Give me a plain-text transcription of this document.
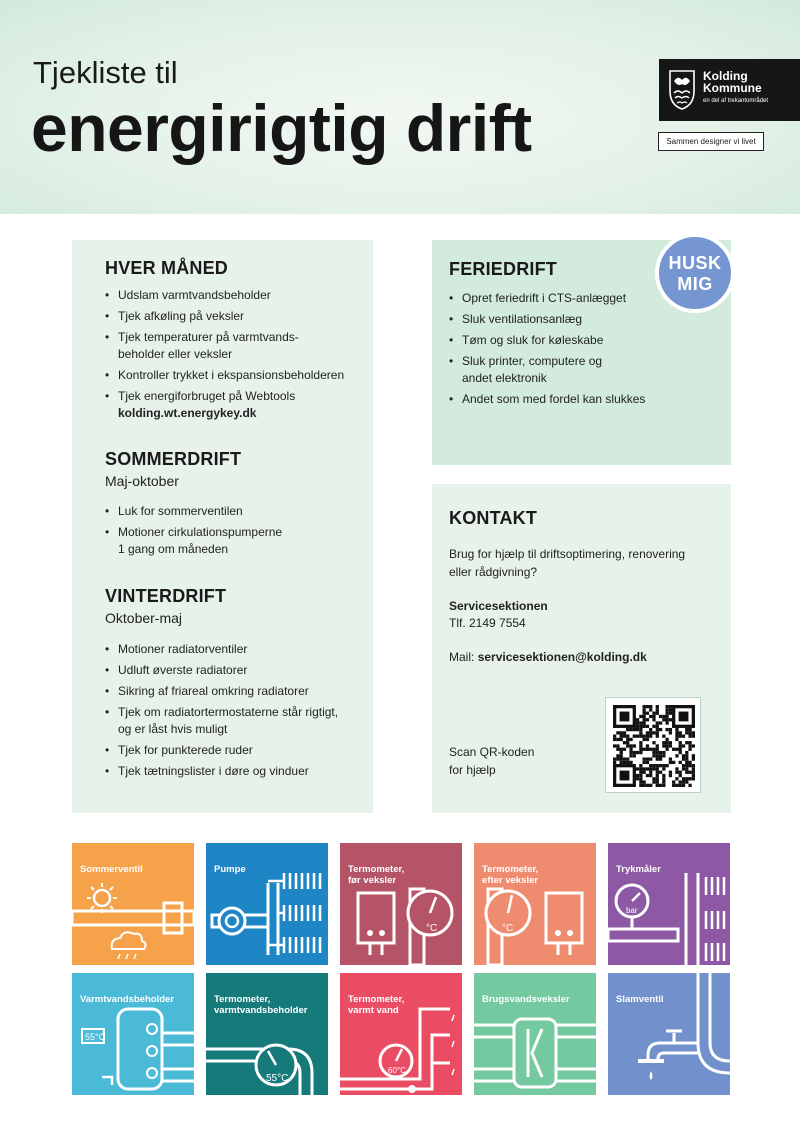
Tjekliste til
energirigtig drift
Kolding
Kommune
en del af trekantområdet
Sammen designer vi livet
HVER MÅNED
• Udslam varmtvandsbeholder
• Tjek afkøling på veksler
• Tjek temperaturer på varmtvands-
beholder eller veksler
• Kontroller trykket i ekspansionsbeholderen
• Tjek energiforbruget på Webtools
kolding.wt.energykey.dk
SOMMERDRIFT
Maj-oktober
• Luk for sommerventilen
• Motioner cirkulationspumperne
1 gang om måneden
VINTERDRIFT
Oktober-maj
• Motioner radiatorventiler
• Udluft øverste radiatorer
• Sikring af friareal omkring radiatorer
• Tjek om radiatortermostaterne står rigtigt,
og er låst hvis muligt
• Tjek for punkterede ruder
• Tjek tætningslister i døre og vinduer
FERIEDRIFT
• Opret feriedrift i CTS-anlægget
• Sluk ventilationsanlæg
• Tøm og sluk for køleskabe
• Sluk printer, computere og
andet elektronik
• Andet som med fordel kan slukkes
HUSK
MIG
KONTAKT
Brug for hjælp til driftsoptimering, renovering
eller rådgivning?
Servicesektionen
Tlf. 2149 7554
Mail: servicesektionen@kolding.dk
Scan QR-koden
for hjælp
Sommerventil	Pumpe
°C
Termometer,
før veksler
°C
Termometer,
efter veksler
bar
Trykmåler
55°C
Varmtvandsbeholder
55°C
Termometer,
varmtvandsbeholder
60°C
Termometer,
varmt vand
Brugsvandsveksler	Slamventil
